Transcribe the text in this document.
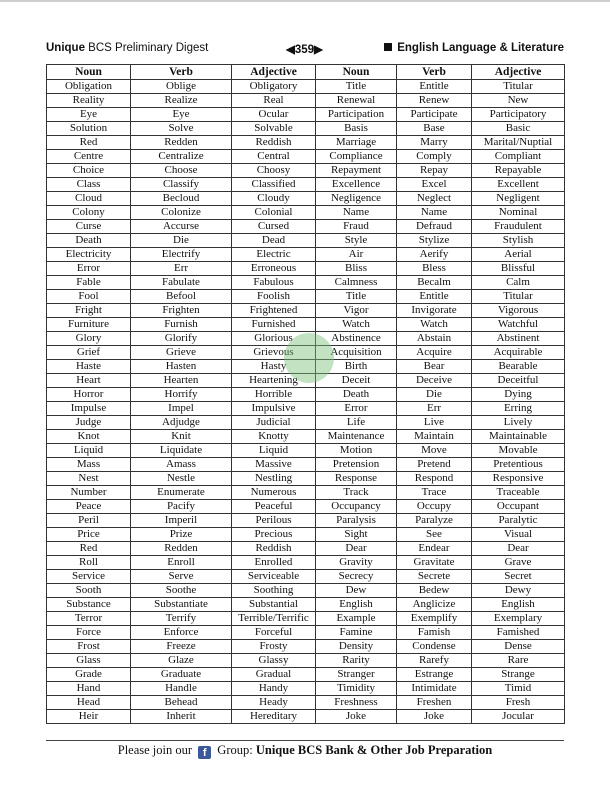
Unique BCS Preliminary Digest	◀359▶	English Language & Literature
Noun	Verb	Adjective	Noun	Verb	Adjective
Obligation	Oblige	Obligatory	Title	Entitle	Titular
Reality	Realize	Real	Renewal	Renew	New
Eye	Eye	Ocular	Participation	Participate	Participatory
Solution	Solve	Solvable	Basis	Base	Basic
Red	Redden	Reddish	Marriage	Marry	Marital/Nuptial
Centre	Centralize	Central	Compliance	Comply	Compliant
Choice	Choose	Choosy	Repayment	Repay	Repayable
Class	Classify	Classified	Excellence	Excel	Excellent
Cloud	Becloud	Cloudy	Negligence	Neglect	Negligent
Colony	Colonize	Colonial	Name	Name	Nominal
Curse	Accurse	Cursed	Fraud	Defraud	Fraudulent
Death	Die	Dead	Style	Stylize	Stylish
Electricity	Electrify	Electric	Air	Aerify	Aerial
Error	Err	Erroneous	Bliss	Bless	Blissful
Fable	Fabulate	Fabulous	Calmness	Becalm	Calm
Fool	Befool	Foolish	Title	Entitle	Titular
Fright	Frighten	Frightened	Vigor	Invigorate	Vigorous
Furniture	Furnish	Furnished	Watch	Watch	Watchful
Glory	Glorify	Glorious	Abstinence	Abstain	Abstinent
Grief	Grieve	Grievous	Acquisition	Acquire	Acquirable
Haste	Hasten	Hasty	Birth	Bear	Bearable
Heart	Hearten	Heartening	Deceit	Deceive	Deceitful
Horror	Horrify	Horrible	Death	Die	Dying
Impulse	Impel	Impulsive	Error	Err	Erring
Judge	Adjudge	Judicial	Life	Live	Lively
Knot	Knit	Knotty	Maintenance	Maintain	Maintainable
Liquid	Liquidate	Liquid	Motion	Move	Movable
Mass	Amass	Massive	Pretension	Pretend	Pretentious
Nest	Nestle	Nestling	Response	Respond	Responsive
Number	Enumerate	Numerous	Track	Trace	Traceable
Peace	Pacify	Peaceful	Occupancy	Occupy	Occupant
Peril	Imperil	Perilous	Paralysis	Paralyze	Paralytic
Price	Prize	Precious	Sight	See	Visual
Red	Redden	Reddish	Dear	Endear	Dear
Roll	Enroll	Enrolled	Gravity	Gravitate	Grave
Service	Serve	Serviceable	Secrecy	Secrete	Secret
Sooth	Soothe	Soothing	Dew	Bedew	Dewy
Substance	Substantiate	Substantial	English	Anglicize	English
Terror	Terrify	Terrible/Terrific	Example	Exemplify	Exemplary
Force	Enforce	Forceful	Famine	Famish	Famished
Frost	Freeze	Frosty	Density	Condense	Dense
Glass	Glaze	Glassy	Rarity	Rarefy	Rare
Grade	Graduate	Gradual	Stranger	Estrange	Strange
Hand	Handle	Handy	Timidity	Intimidate	Timid
Head	Behead	Heady	Freshness	Freshen	Fresh
Heir	Inherit	Hereditary	Joke	Joke	Jocular
Please join our f Group: Unique BCS Bank & Other Job Preparation
